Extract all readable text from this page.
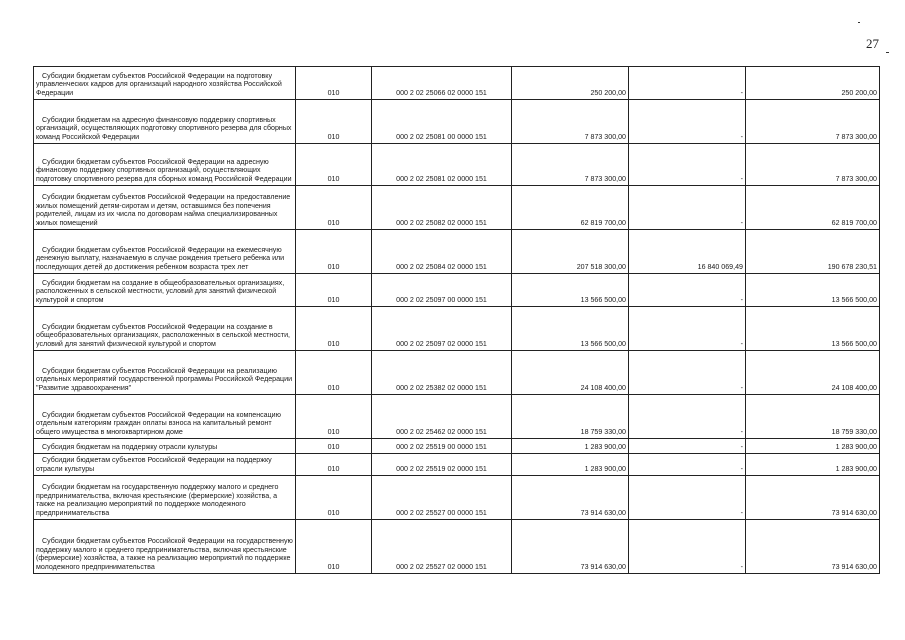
27
Субсидии бюджетам субъектов Российской Федерации на подготовку управленческих кадров для организаций народного хозяйства Российской Федерации	010	000 2 02 25066 02 0000 151	250 200,00	-	250 200,00
Субсидии бюджетам на адресную финансовую поддержку спортивных организаций, осуществляющих подготовку спортивного резерва для сборных команд Российской Федерации	010	000 2 02 25081 00 0000 151	7 873 300,00	-	7 873 300,00
Субсидии бюджетам субъектов Российской Федерации на адресную финансовую поддержку спортивных организаций, осуществляющих подготовку спортивного резерва для сборных команд Российской Федерации	010	000 2 02 25081 02 0000 151	7 873 300,00	-	7 873 300,00
Субсидии бюджетам субъектов Российской Федерации на предоставление жилых помещений детям-сиротам и детям, оставшимся без попечения родителей, лицам из их числа по договорам найма специализированных жилых помещений	010	000 2 02 25082 02 0000 151	62 819 700,00	-	62 819 700,00
Субсидии бюджетам субъектов Российской Федерации на ежемесячную денежную выплату, назначаемую в случае рождения третьего ребенка или последующих детей до достижения ребенком возраста трех лет	010	000 2 02 25084 02 0000 151	207 518 300,00	16 840 069,49	190 678 230,51
Субсидии бюджетам на создание в общеобразовательных организациях, расположенных в сельской местности, условий для занятий физической культурой и спортом	010	000 2 02 25097 00 0000 151	13 566 500,00	-	13 566 500,00
Субсидии бюджетам субъектов Российской Федерации на создание в общеобразовательных организациях, расположенных в сельской местности, условий для занятий физической культурой и спортом	010	000 2 02 25097 02 0000 151	13 566 500,00	-	13 566 500,00
Субсидии бюджетам субъектов Российской Федерации на реализацию отдельных мероприятий государственной программы Российской Федерации "Развитие здравоохранения"	010	000 2 02 25382 02 0000 151	24 108 400,00	-	24 108 400,00
Субсидии бюджетам субъектов Российской Федерации на компенсацию отдельным категориям граждан оплаты взноса на капитальный ремонт общего имущества в многоквартирном доме	010	000 2 02 25462 02 0000 151	18 759 330,00	-	18 759 330,00
Субсидия бюджетам на поддержку отрасли культуры	010	000 2 02 25519 00 0000 151	1 283 900,00	-	1 283 900,00
Субсидии бюджетам субъектов Российской Федерации на поддержку отрасли культуры	010	000 2 02 25519 02 0000 151	1 283 900,00	-	1 283 900,00
Субсидии бюджетам на государственную поддержку малого и среднего предпринимательства, включая крестьянские (фермерские) хозяйства, а также на реализацию мероприятий по поддержке молодежного предпринимательства	010	000 2 02 25527 00 0000 151	73 914 630,00	-	73 914 630,00
Субсидии бюджетам субъектов Российской Федерации на государственную поддержку малого и среднего предпринимательства, включая крестьянские (фермерские) хозяйства, а также на реализацию мероприятий по поддержке молодежного предпринимательства	010	000 2 02 25527 02 0000 151	73 914 630,00	-	73 914 630,00
